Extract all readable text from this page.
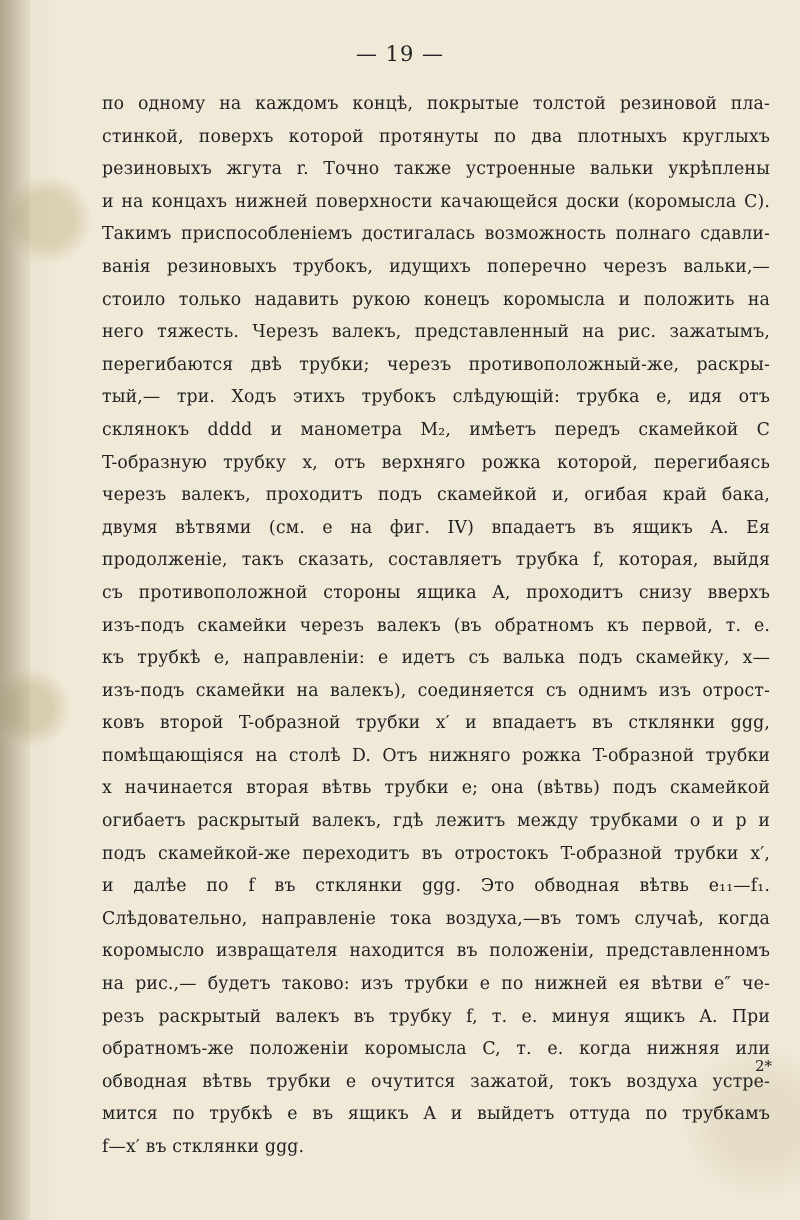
— 19 —
по одному на каждомъ концѣ, покрытые толстой резиновой пла-
стинкой, поверхъ которой протянуты по два плотныхъ круглыхъ
резиновыхъ жгута r. Точно также устроенные вальки укрѣплены
и на концахъ нижней поверхности качающейся доски (коромысла C).
Такимъ приспособленіемъ достигалась возможность полнаго сдавли-
ванія резиновыхъ трубокъ, идущихъ поперечно черезъ вальки,—
стоило только надавить рукою конецъ коромысла и положить на
него тяжесть. Черезъ валекъ, представленный на рис. зажатымъ,
перегибаются двѣ трубки; черезъ противоположный-же, раскры-
тый,— три. Ходъ этихъ трубокъ слѣдующій: трубка e, идя отъ
склянокъ dddd и манометра M₂, имѣетъ передъ скамейкой C
T-образную трубку x, отъ верхняго рожка которой, перегибаясь
черезъ валекъ, проходитъ подъ скамейкой и, огибая край бака,
двумя вѣтвями (см. e на фиг. IV) впадаетъ въ ящикъ A. Ея
продолженіе, такъ сказать, составляетъ трубка f, которая, выйдя
съ противоположной стороны ящика A, проходитъ снизу вверхъ
изъ-подъ скамейки черезъ валекъ (въ обратномъ къ первой, т. е.
къ трубкѣ e, направленіи: e идетъ съ валька подъ скамейку, x—
изъ-подъ скамейки на валекъ), соединяется съ однимъ изъ отрост-
ковъ второй T-образной трубки x′ и впадаетъ въ стклянки ggg,
помѣщающіяся на столѣ D. Отъ нижняго рожка T-образной трубки
x начинается вторая вѣтвь трубки e; она (вѣтвь) подъ скамейкой
огибаетъ раскрытый валекъ, гдѣ лежитъ между трубками o и p и
подъ скамейкой-же переходитъ въ отростокъ T-образной трубки x′,
и далѣе по f въ стклянки ggg. Это обводная вѣтвь e₁₁—f₁.
Слѣдовательно, направленіе тока воздуха,—въ томъ случаѣ, когда
коромысло извращателя находится въ положеніи, представленномъ
на рис.,— будетъ таково: изъ трубки e по нижней ея вѣтви e″ че-
резъ раскрытый валекъ въ трубку f, т. е. минуя ящикъ A. При
обратномъ-же положеніи коромысла C, т. е. когда нижняя или
обводная вѣтвь трубки e очутится зажатой, токъ воздуха устре-
мится по трубкѣ e въ ящикъ A и выйдетъ оттуда по трубкамъ
f—x′ въ стклянки ggg.
2*
